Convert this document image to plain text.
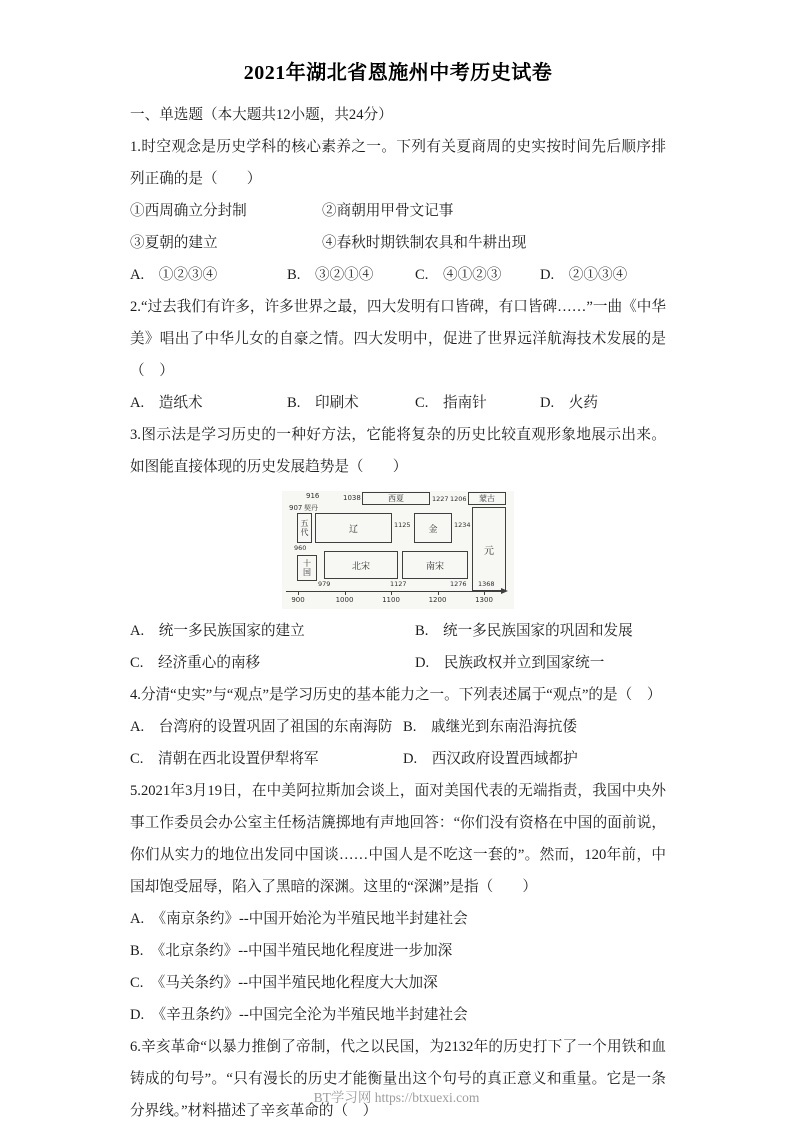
2021年湖北省恩施州中考历史试卷

一、单选题（本大题共12小题，共24分）

1.时空观念是历史学科的核心素养之一。下列有关夏商周的史实按时间先后顺序排列正确的是（　　）

①西周确立分封制	②商朝用甲骨文记事
③夏朝的建立	④春秋时期铁制农具和牛耕出现
A.　①②③④	B.　③②①④	C.　④①②③	D.　②①③④

2.“过去我们有许多，许多世界之最，四大发明有口皆碑，有口皆碑……”一曲《中华美》唱出了中华儿女的自豪之情。四大发明中，促进了世界远洋航海技术发展的是（　）

A.　造纸术	B.　印刷术	C.　指南针	D.　火药

3.图示法是学习历史的一种好方法，它能将复杂的历史比较直观形象地展示出来。如图能直接体现的历史发展趋势是（　　）

916	1038	西夏	1227 1206	蒙古
907 契丹
五代	辽	1125	金	1234
元
960
十国	北宋	南宋
979	1127	1276 1368
900	1000	1100	1200	1300
A.　统一多民族国家的建立	B.　统一多民族国家的巩固和发展
C.　经济重心的南移	D.　民族政权并立到国家统一

4.分清“史实”与“观点”是学习历史的基本能力之一。下列表述属于“观点”的是（　）

A.　台湾府的设置巩固了祖国的东南海防 B.　戚继光到东南沿海抗倭
C.　清朝在西北设置伊犁将军	D.　西汉政府设置西域都护

5.2021年3月19日，在中美阿拉斯加会谈上，面对美国代表的无端指责，我国中央外事工作委员会办公室主任杨洁篪掷地有声地回答：“你们没有资格在中国的面前说，你们从实力的地位出发同中国谈……中国人是不吃这一套的”。然而，120年前，中国却饱受屈辱，陷入了黑暗的深渊。这里的“深渊”是指（　　）

A.　《南京条约》--中国开始沦为半殖民地半封建社会
B.　《北京条约》--中国半殖民地化程度进一步加深
C.　《马关条约》--中国半殖民地化程度大大加深
D.　《辛丑条约》--中国完全沦为半殖民地半封建社会

6.辛亥革命“以暴力推倒了帝制，代之以民国，为2132年的历史打下了一个用铁和血铸成的句号”。“只有漫长的历史才能衡量出这个句号的真正意义和重量。它是一条分界线。”材料描述了辛亥革命的（　）

BT学习网 https://btxuexi.com
